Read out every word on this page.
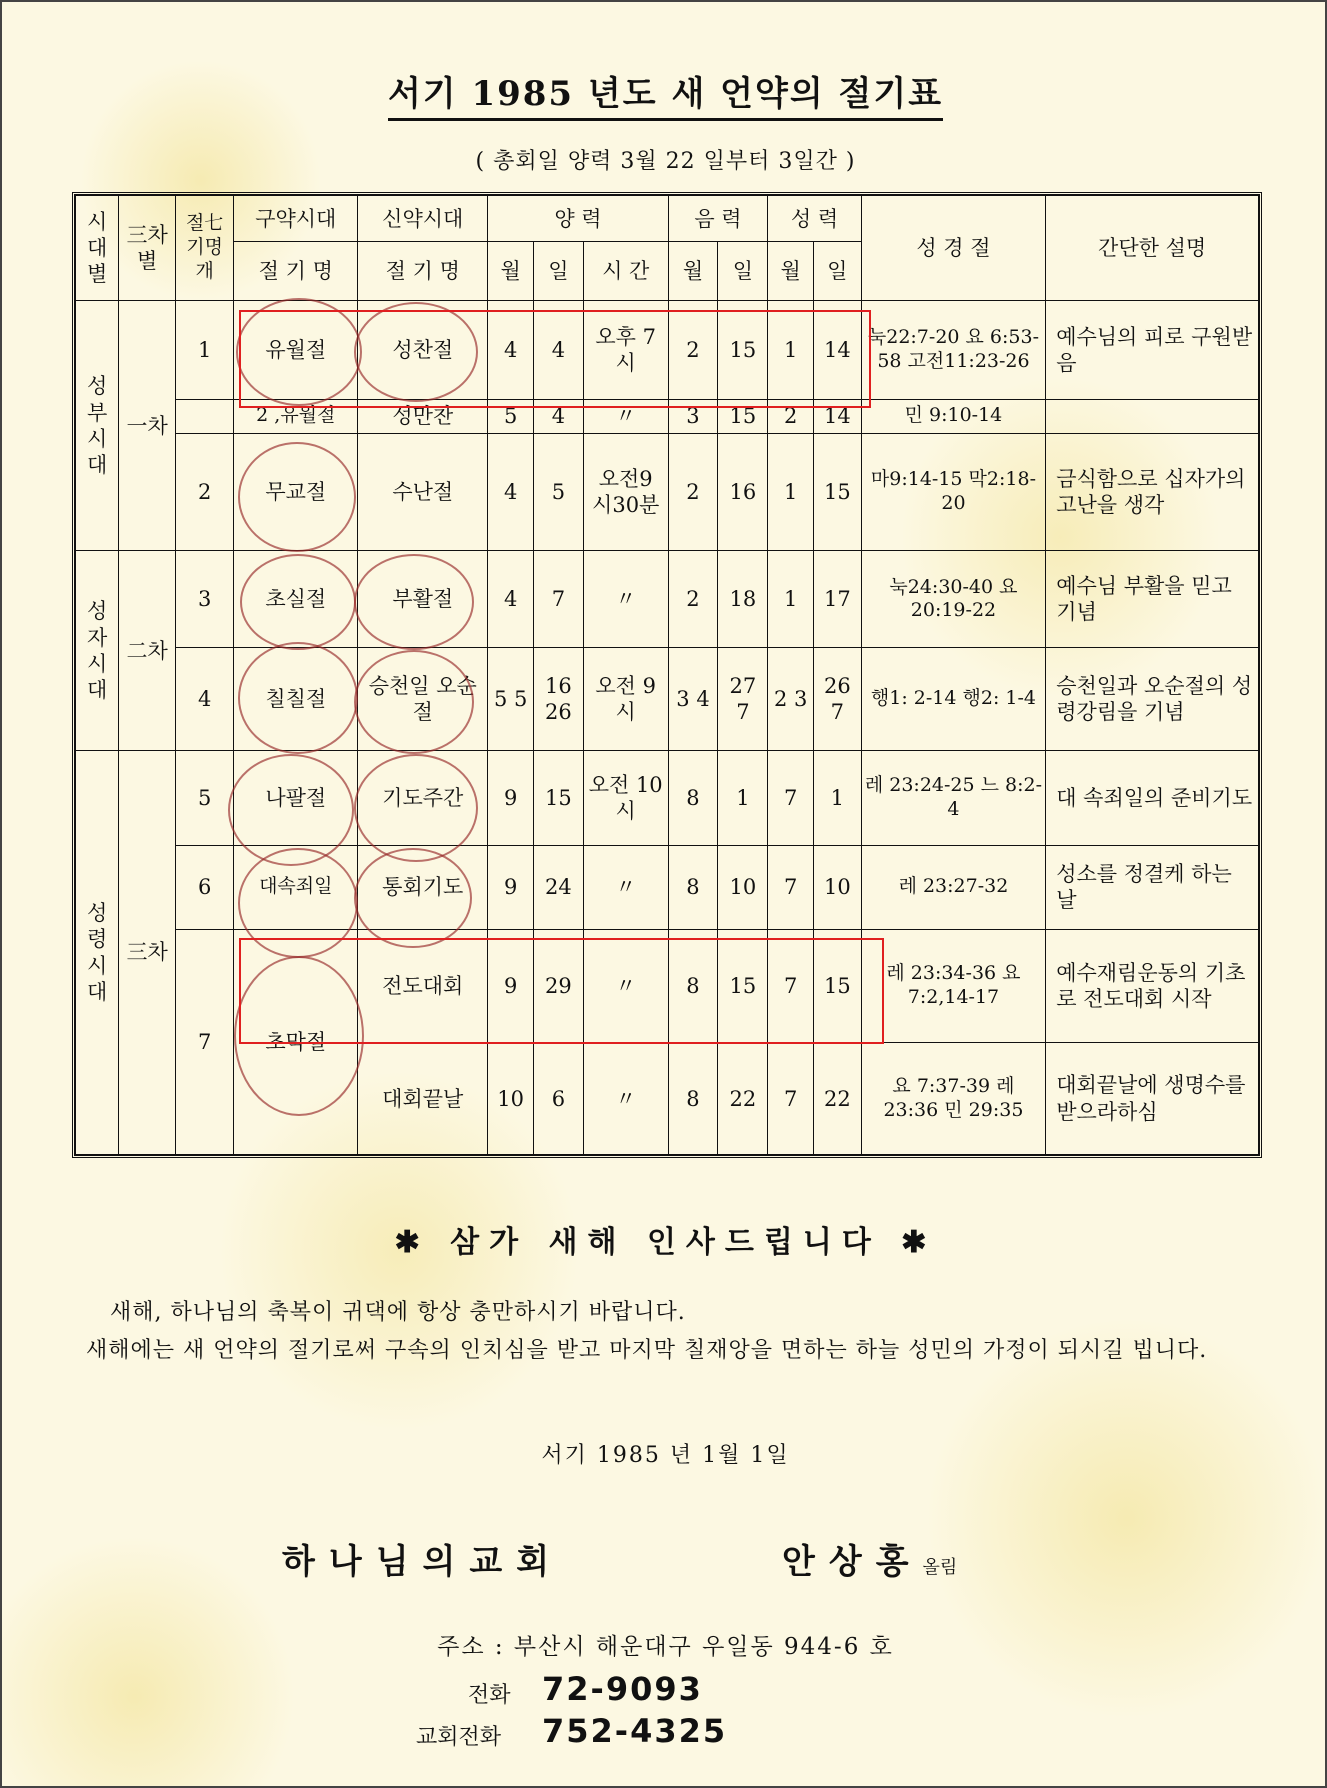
서기 1985 년도 새 언약의 절기표
( 총회일 양력 3월 22 일부터 3일간 )
시대별	三차별	절七기명개	구약시대	신약시대	양 력			음 력		성 력		성 경 절	간단한 설명
			절 기 명	절 기 명	월	일	시 간	월	일	월	일		
성부시대	一차	1	유월절	성찬절	4	4	오후 7시	2	15	1	14	눅22:7-20 요 6:53-58 고전11:23-26	예수님의 피로 구원받음
			2 ,유월절	성만찬	5	4	〃	3	15	2	14	민 9:10-14	
		2	무교절	수난절	4	5	오전9 시30분	2	16	1	15	마9:14-15 막2:18-20	금식함으로 십자가의 고난을 생각
성자시대	二차	3	초실절	부활절	4	7	〃	2	18	1	17	눅24:30-40 요20:19-22	예수님 부활을 믿고 기념
		4	칠칠절	승천일 오순절	5 5	16 26	오전 9시	3 4	27 7	2 3	26 7	행1: 2-14 행2: 1-4	승천일과 오순절의 성령강림을 기념
성령시대	三차	5	나팔절	기도주간	9	15	오전 10시	8	1	7	1	레 23:24-25 느 8:2-4	대 속죄일의 준비기도
		6	대속죄일	통회기도	9	24	〃	8	10	7	10	레 23:27-32	성소를 정결케 하는 날
		7	초막절	전도대회	9	29	〃	8	15	7	15	레 23:34-36 요 7:2,14-17	예수재림운동의 기초로 전도대회 시작
				대회끝날	10	6	〃	8	22	7	22	요 7:37-39 레 23:36 민 29:35	대회끝날에 생명수를 받으라하심
✱ 삼가 새해 인사드립니다 ✱

새해, 하나님의 축복이 귀댁에 항상 충만하시기 바랍니다.

새해에는 새 언약의 절기로써 구속의 인치심을 받고 마지막 칠재앙을 면하는 하늘 성민의 가정이 되시길 빕니다.

서기 1985 년 1월 1일
하나님의교회	안상홍올림
주소 : 부산시 해운대구 우일동 944-6 호
전화 72-9093
교회전화 752-4325
